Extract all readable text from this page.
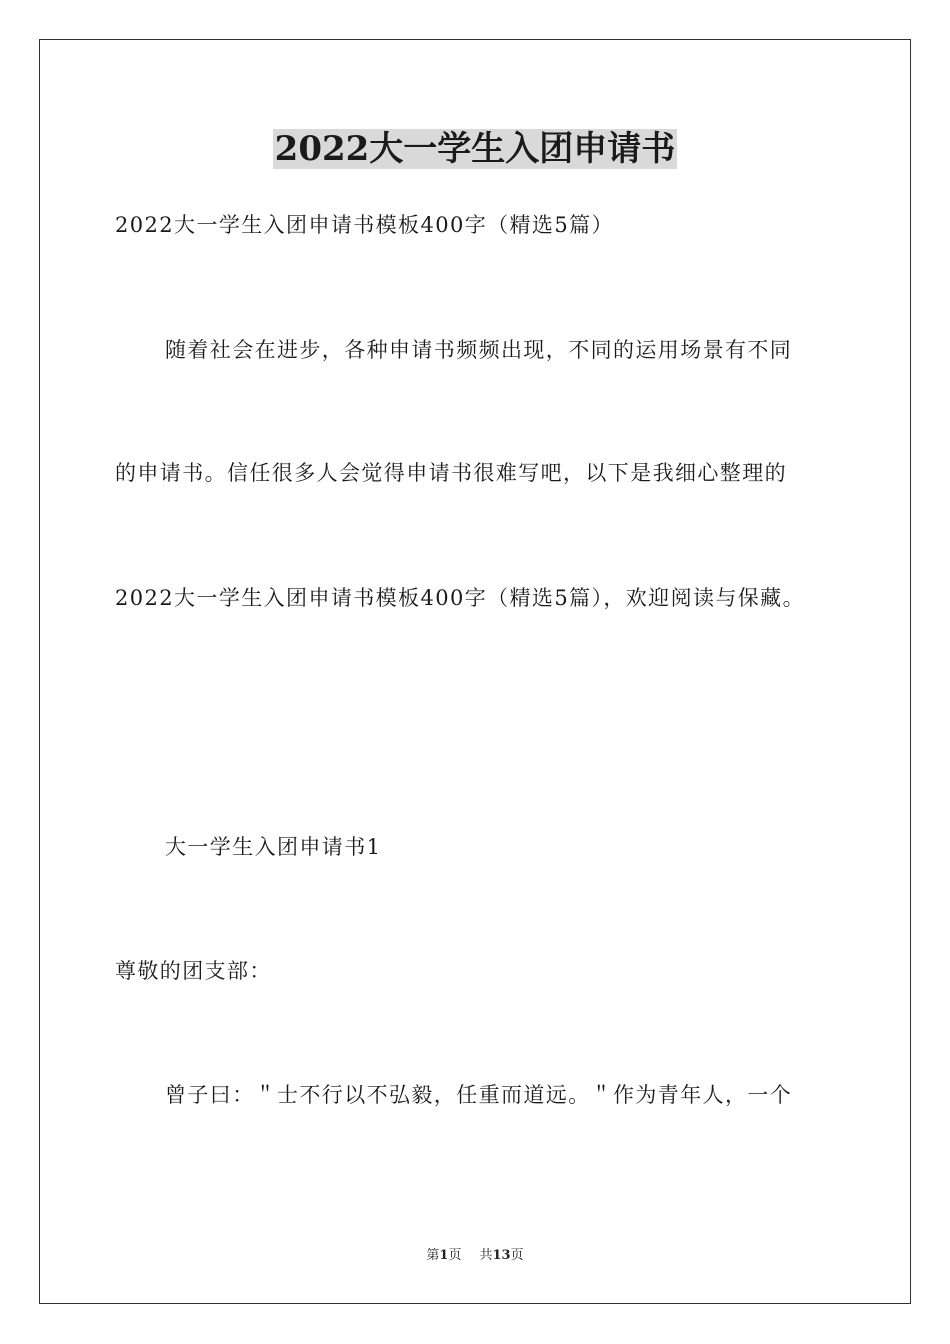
2022大一学生入团申请书
2022大一学生入团申请书模板400字（精选5篇）
随着社会在进步，各种申请书频频出现，不同的运用场景有不同
的申请书。信任很多人会觉得申请书很难写吧，以下是我细心整理的
2022大一学生入团申请书模板400字（精选5篇），欢迎阅读与保藏。
大一学生入团申请书1
尊敬的团支部：
曾子曰：＂士不行以不弘毅，任重而道远。＂作为青年人，一个
第1页 共13页
